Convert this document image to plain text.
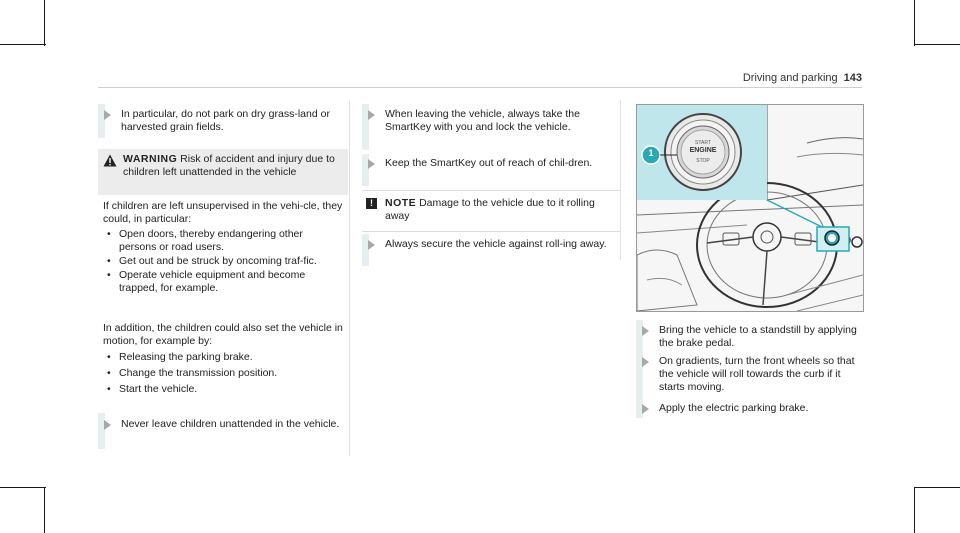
Driving and parking 143
In particular, do not park on dry grass-land or harvested grain fields.
WARNING Risk of accident and injury due to children left unattended in the vehicle
If children are left unsupervised in the vehi-cle, they could, in particular:
• Open doors, thereby endangering other persons or road users.
• Get out and be struck by oncoming traf-fic.
• Operate vehicle equipment and become trapped, for example.
In addition, the children could also set the vehicle in motion, for example by:
• Releasing the parking brake.
• Change the transmission position.
• Start the vehicle.
Never leave children unattended in the vehicle.
When leaving the vehicle, always take the SmartKey with you and lock the vehicle.
Keep the SmartKey out of reach of chil-dren.
!	NOTE Damage to the vehicle due to it rolling away
Always secure the vehicle against roll-ing away.
START
ENGINE
STOP
1
Bring the vehicle to a standstill by applying the brake pedal.
On gradients, turn the front wheels so that the vehicle will roll towards the curb if it starts moving.
Apply the electric parking brake.
